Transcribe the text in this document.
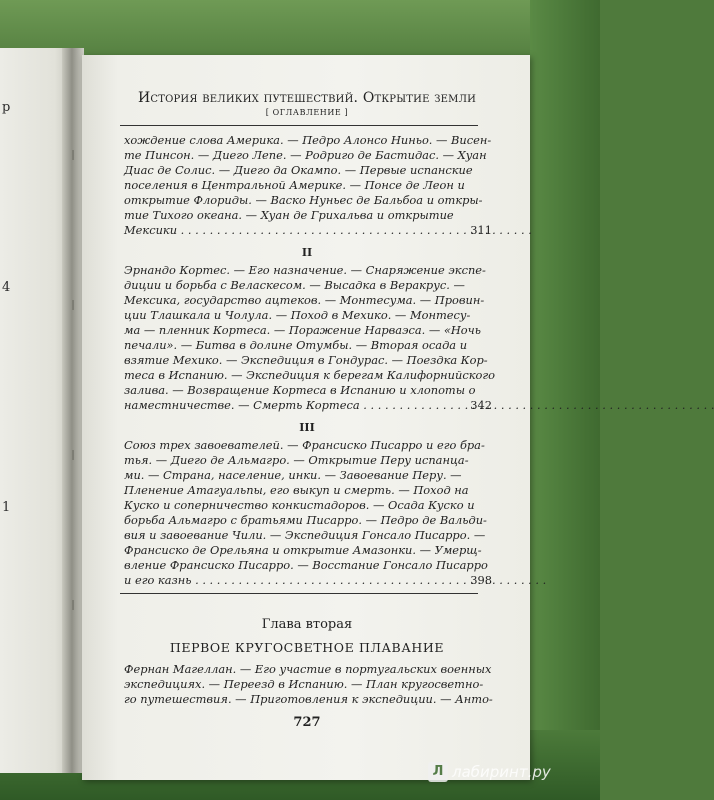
p
4
1
История великих путешествий. Открытие земли
[ ОГЛАВЛЕНИЕ ]
хождение слова Америка. — Педро Алонсо Ниньо. — Висен-
те Пинсон. — Диего Лепе. — Родриго де Бастидас. — Хуан
Диас де Солис. — Диего да Окампо. — Первые испанские
поселения в Центральной Америке. — Понсе де Леон и
открытие Флориды. — Васко Нуньес де Бальбоа и откры-
тие Тихого океана. — Хуан де Грихальва и открытие
Мексики . . .	311
II
Эрнандо Кортес. — Его назначение. — Снаряжение экспе-
диции и борьба с Веласкесом. — Высадка в Веракрус. —
Мексика, государство ацтеков. — Монтесума. — Провин-
ции Тлашкала и Чолула. — Поход в Мехико. — Монтесу-
ма — пленник Кортеса. — Поражение Нарваэса. — «Ночь
печали». — Битва в долине Отумбы. — Вторая осада и
взятие Мехико. — Экспедиция в Гондурас. — Поездка Кор-
теса в Испанию. — Экспедиция к берегам Калифорнийского
залива. — Возвращение Кортеса в Испанию и хлопоты о
наместничестве. — Смерть Кортеса . . .	342
III
Союз трех завоевателей. — Франсиско Писарро и его бра-
тья. — Диего де Альмагро. — Открытие Перу испанца-
ми. — Страна, население, инки. — Завоевание Перу. —
Пленение Атагуальпы, его выкуп и смерть. — Поход на
Куско и соперничество конкистадоров. — Осада Куско и
борьба Альмагро с братьями Писарро. — Педро де Вальди-
вия и завоевание Чили. — Экспедиция Гонсало Писарро. —
Франсиско де Орельяна и открытие Амазонки. — Умерщ-
вление Франсиско Писарро. — Восстание Гонсало Писарро
и его казнь . . .	398
Глава вторая
ПЕРВОЕ КРУГОСВЕТНОЕ ПЛАВАНИЕ
Фернан Магеллан. — Его участие в португальских военных
экспедициях. — Переезд в Испанию. — План кругосветно-
го путешествия. — Приготовления к экспедиции. — Анто-
727
Л лабиринт.ру
